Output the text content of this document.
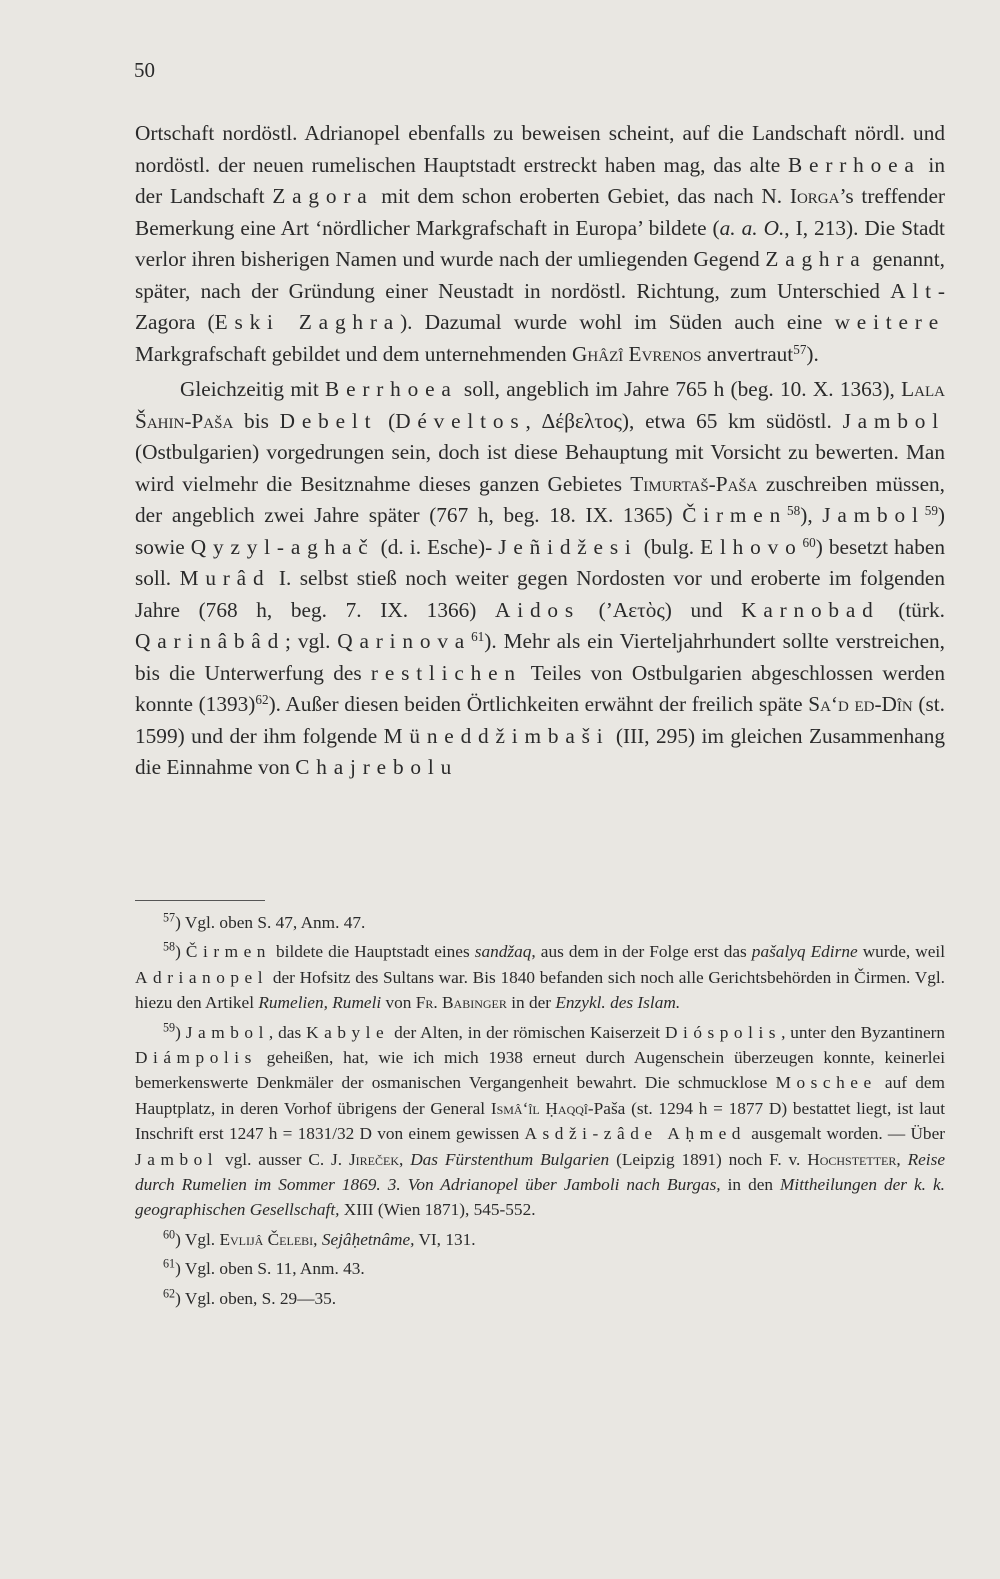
50

Ortschaft nordöstl. Adrianopel ebenfalls zu beweisen scheint, auf die Landschaft nördl. und nordöstl. der neuen rumelischen Hauptstadt erstreckt haben mag, das alte Berrhoea in der Landschaft Zagora mit dem schon eroberten Gebiet, das nach N. Iorga’s treffender Bemerkung eine Art ‘nördlicher Markgrafschaft in Europa’ bildete (a. a. O., I, 213). Die Stadt verlor ihren bisherigen Namen und wurde nach der umliegenden Gegend Zaghra genannt, später, nach der Gründung einer Neustadt in nordöstl. Richtung, zum Unterschied Alt-Zagora (Eski Zaghra). Dazumal wurde wohl im Süden auch eine weitere Markgrafschaft gebildet und dem unternehmenden Ghâzî Evrenos anvertraut$^{57}$).

Gleichzeitig mit Berrhoea soll, angeblich im Jahre 765 h (beg. 10. X. 1363), Lala Šahin-Paša bis Debelt (Déveltos, Δέβελτος), etwa 65 km südöstl. Jambol (Ostbulgarien) vorgedrungen sein, doch ist diese Behauptung mit Vorsicht zu bewerten. Man wird vielmehr die Besitznahme dieses ganzen Gebietes Timurtaš-Paša zuschreiben müssen, der angeblich zwei Jahre später (767 h, beg. 18. IX. 1365) Čirmen$^{58}$), Jambol$^{59}$) sowie Qyzyl-aghač (d. i. Esche)- Jeñidžesi (bulg. Elhovo$^{60}$) besetzt haben soll. Murâd I. selbst stieß noch weiter gegen Nordosten vor und eroberte im folgenden Jahre (768 h, beg. 7. IX. 1366) Aidos (’Αετὸς) und Karnobad (türk. Qarinâbâd; vgl. Qarinova$^{61}$). Mehr als ein Vierteljahrhundert sollte verstreichen, bis die Unterwerfung des restlichen Teiles von Ostbulgarien abgeschlossen werden konnte $(1393)^{62}$). Außer diesen beiden Örtlichkeiten erwähnt der freilich späte Sa‘d ed-Dîn (st. 1599) und der ihm folgende Müneddžimbaši (III, 295) im gleichen Zusammenhang die Einnahme von Chajrebolu

$^{57}$) Vgl. oben S. 47, Anm. 47.

$^{58}$) Čirmen bildete die Hauptstadt eines sandžaq, aus dem in der Folge erst das pašalyq Edirne wurde, weil Adrianopel der Hofsitz des Sultans war. Bis 1840 befanden sich noch alle Gerichtsbehörden in Čirmen. Vgl. hiezu den Artikel Rumelien, Rumeli von Fr. Babinger in der Enzykl. des Islam.

$^{59}$) Jambol, das Kabyle der Alten, in der römischen Kaiserzeit Dióspolis, unter den Byzantinern Diámpolis geheißen, hat, wie ich mich 1938 erneut durch Augenschein überzeugen konnte, keinerlei bemerkenswerte Denkmäler der osmanischen Vergangenheit bewahrt. Die schmucklose Moschee auf dem Hauptplatz, in deren Vorhof übrigens der General Ismâ‘îl Ḥaqqî-Paša (st. 1294 h = 1877 D) bestattet liegt, ist laut Inschrift erst 1247 h = 1831/32 D von einem gewissen Asdži-zâde Aḥmed ausgemalt worden. — Über Jambol vgl. ausser C. J. Jireček, Das Fürstenthum Bulgarien (Leipzig 1891) noch F. v. Hochstetter, Reise durch Rumelien im Sommer 1869. 3. Von Adrianopel über Jamboli nach Burgas, in den Mittheilungen der k. k. geographischen Gesellschaft, XIII (Wien 1871), 545-552.

$^{60}$) Vgl. Evlijâ Čelebi, Sejâḥetnâme, VI, 131.

$^{61}$) Vgl. oben S. 11, Anm. 43.

$^{62}$) Vgl. oben, S. 29—35.
